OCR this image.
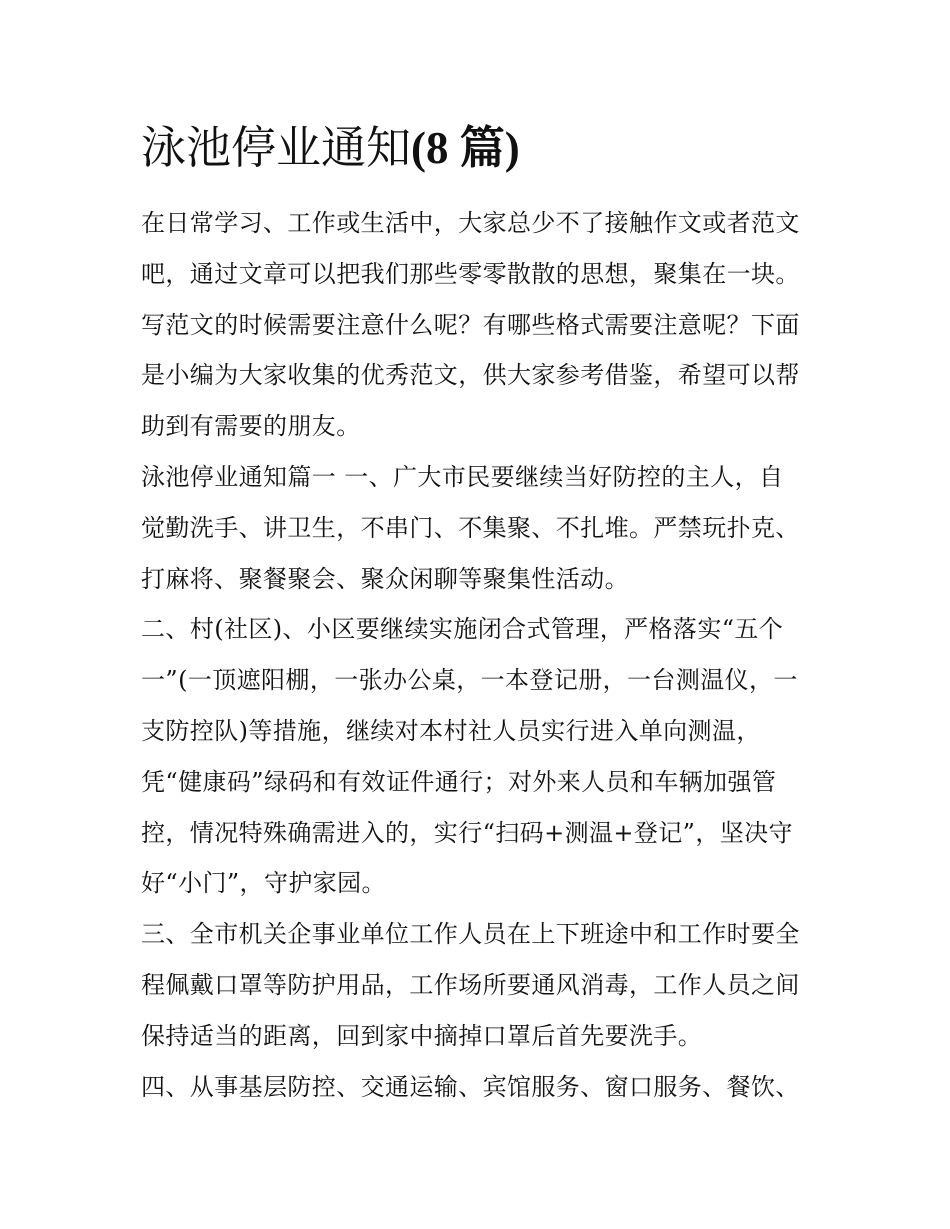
泳池停业通知(8 篇)
在日常学习、工作或生活中，大家总少不了接触作文或者范文
吧，通过文章可以把我们那些零零散散的思想，聚集在一块。
写范文的时候需要注意什么呢？有哪些格式需要注意呢？下面
是小编为大家收集的优秀范文，供大家参考借鉴，希望可以帮
助到有需要的朋友。
泳池停业通知篇一 一、广大市民要继续当好防控的主人，自
觉勤洗手、讲卫生，不串门、不集聚、不扎堆。严禁玩扑克、
打麻将、聚餐聚会、聚众闲聊等聚集性活动。
二、村(社区)、小区要继续实施闭合式管理，严格落实“五个
一”(一顶遮阳棚，一张办公桌，一本登记册，一台测温仪，一
支防控队)等措施，继续对本村社人员实行进入单向测温，
凭“健康码”绿码和有效证件通行；对外来人员和车辆加强管
控，情况特殊确需进入的，实行“扫码+测温+登记”，坚决守
好“小门”，守护家园。
三、全市机关企事业单位工作人员在上下班途中和工作时要全
程佩戴口罩等防护用品，工作场所要通风消毒，工作人员之间
保持适当的距离，回到家中摘掉口罩后首先要洗手。
四、从事基层防控、交通运输、宾馆服务、窗口服务、餐饮、
